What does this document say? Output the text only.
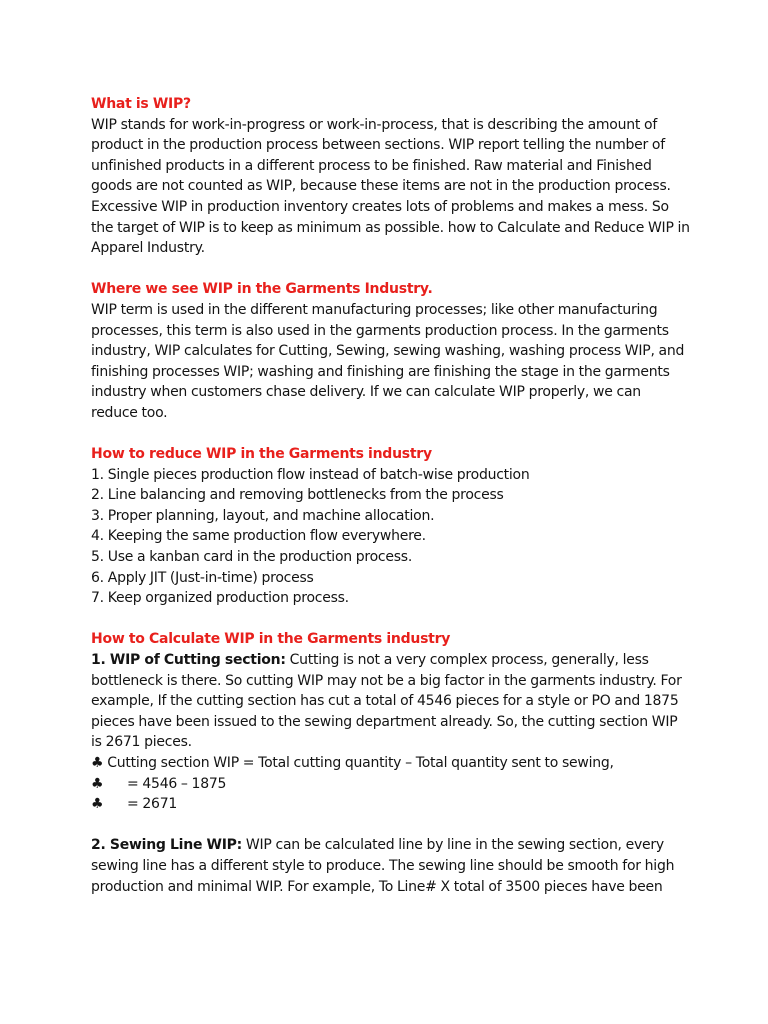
What is WIP?

WIP stands for work-in-progress or work-in-process, that is describing the amount of product in the production process between sections. WIP report telling the number of unfinished products in a different process to be finished. Raw material and Finished goods are not counted as WIP, because these items are not in the production process. Excessive WIP in production inventory creates lots of problems and makes a mess. So the target of WIP is to keep as minimum as possible. how to Calculate and Reduce WIP in Apparel Industry.

Where we see WIP in the Garments Industry.

WIP term is used in the different manufacturing processes; like other manufacturing processes, this term is also used in the garments production process. In the garments industry, WIP calculates for Cutting, Sewing, sewing washing, washing process WIP, and finishing processes WIP; washing and finishing are finishing the stage in the garments industry when customers chase delivery. If we can calculate WIP properly, we can reduce too.

How to reduce WIP in the Garments industry

1. Single pieces production flow instead of batch-wise production

2. Line balancing and removing bottlenecks from the process

3. Proper planning, layout, and machine allocation.

4. Keeping the same production flow everywhere.

5. Use a kanban card in the production process.

6. Apply JIT (Just-in-time) process

7. Keep organized production process.

How to Calculate WIP in the Garments industry

1. WIP of Cutting section: Cutting is not a very complex process, generally, less bottleneck is there. So cutting WIP may not be a big factor in the garments industry. For example, If the cutting section has cut a total of 4546 pieces for a style or PO and 1875 pieces have been issued to the sewing department already. So, the cutting section WIP is 2671 pieces.

♣ Cutting section WIP = Total cutting quantity – Total quantity sent to sewing,

♣	= 4546 – 1875
♣	= 2671

2. Sewing Line WIP: WIP can be calculated line by line in the sewing section, every sewing line has a different style to produce. The sewing line should be smooth for high production and minimal WIP. For example, To Line# X total of 3500 pieces have been
